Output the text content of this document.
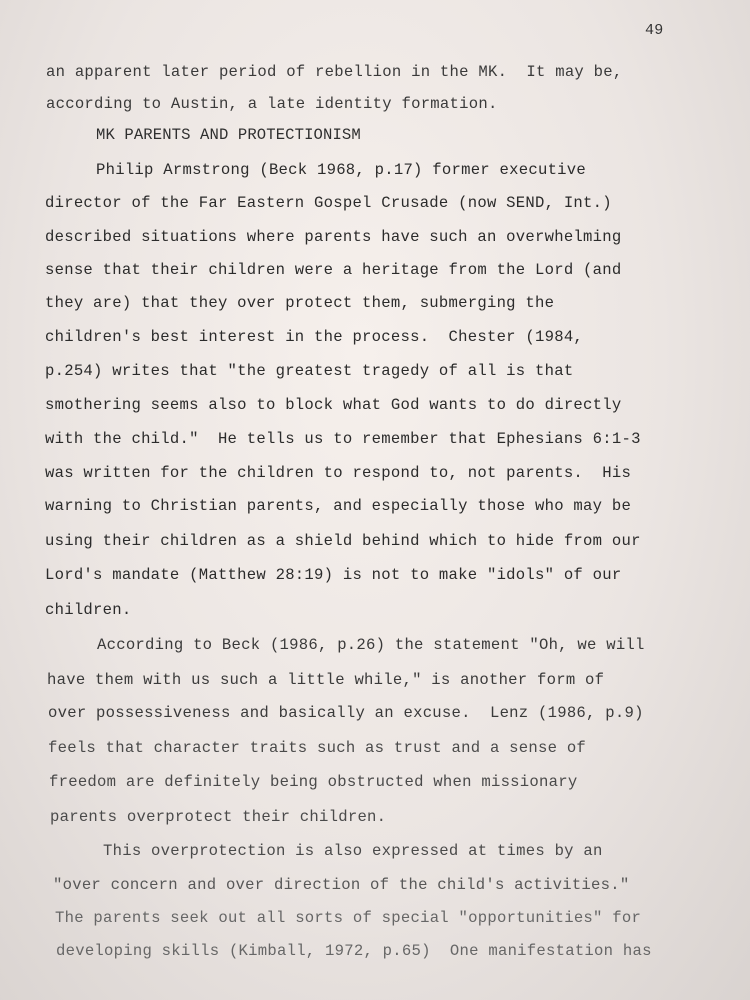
49
an apparent later period of rebellion in the MK.  It may be,
according to Austin, a late identity formation.
MK PARENTS AND PROTECTIONISM
Philip Armstrong (Beck 1968, p.17) former executive
director of the Far Eastern Gospel Crusade (now SEND, Int.)
described situations where parents have such an overwhelming
sense that their children were a heritage from the Lord (and
they are) that they over protect them, submerging the
children's best interest in the process.  Chester (1984,
p.254) writes that "the greatest tragedy of all is that
smothering seems also to block what God wants to do directly
with the child."  He tells us to remember that Ephesians 6:1-3
was written for the children to respond to, not parents.  His
warning to Christian parents, and especially those who may be
using their children as a shield behind which to hide from our
Lord's mandate (Matthew 28:19) is not to make "idols" of our
children.
According to Beck (1986, p.26) the statement "Oh, we will
have them with us such a little while," is another form of
over possessiveness and basically an excuse.  Lenz (1986, p.9)
feels that character traits such as trust and a sense of
freedom are definitely being obstructed when missionary
parents overprotect their children.
This overprotection is also expressed at times by an
"over concern and over direction of the child's activities."
The parents seek out all sorts of special "opportunities" for
developing skills (Kimball, 1972, p.65)  One manifestation has
